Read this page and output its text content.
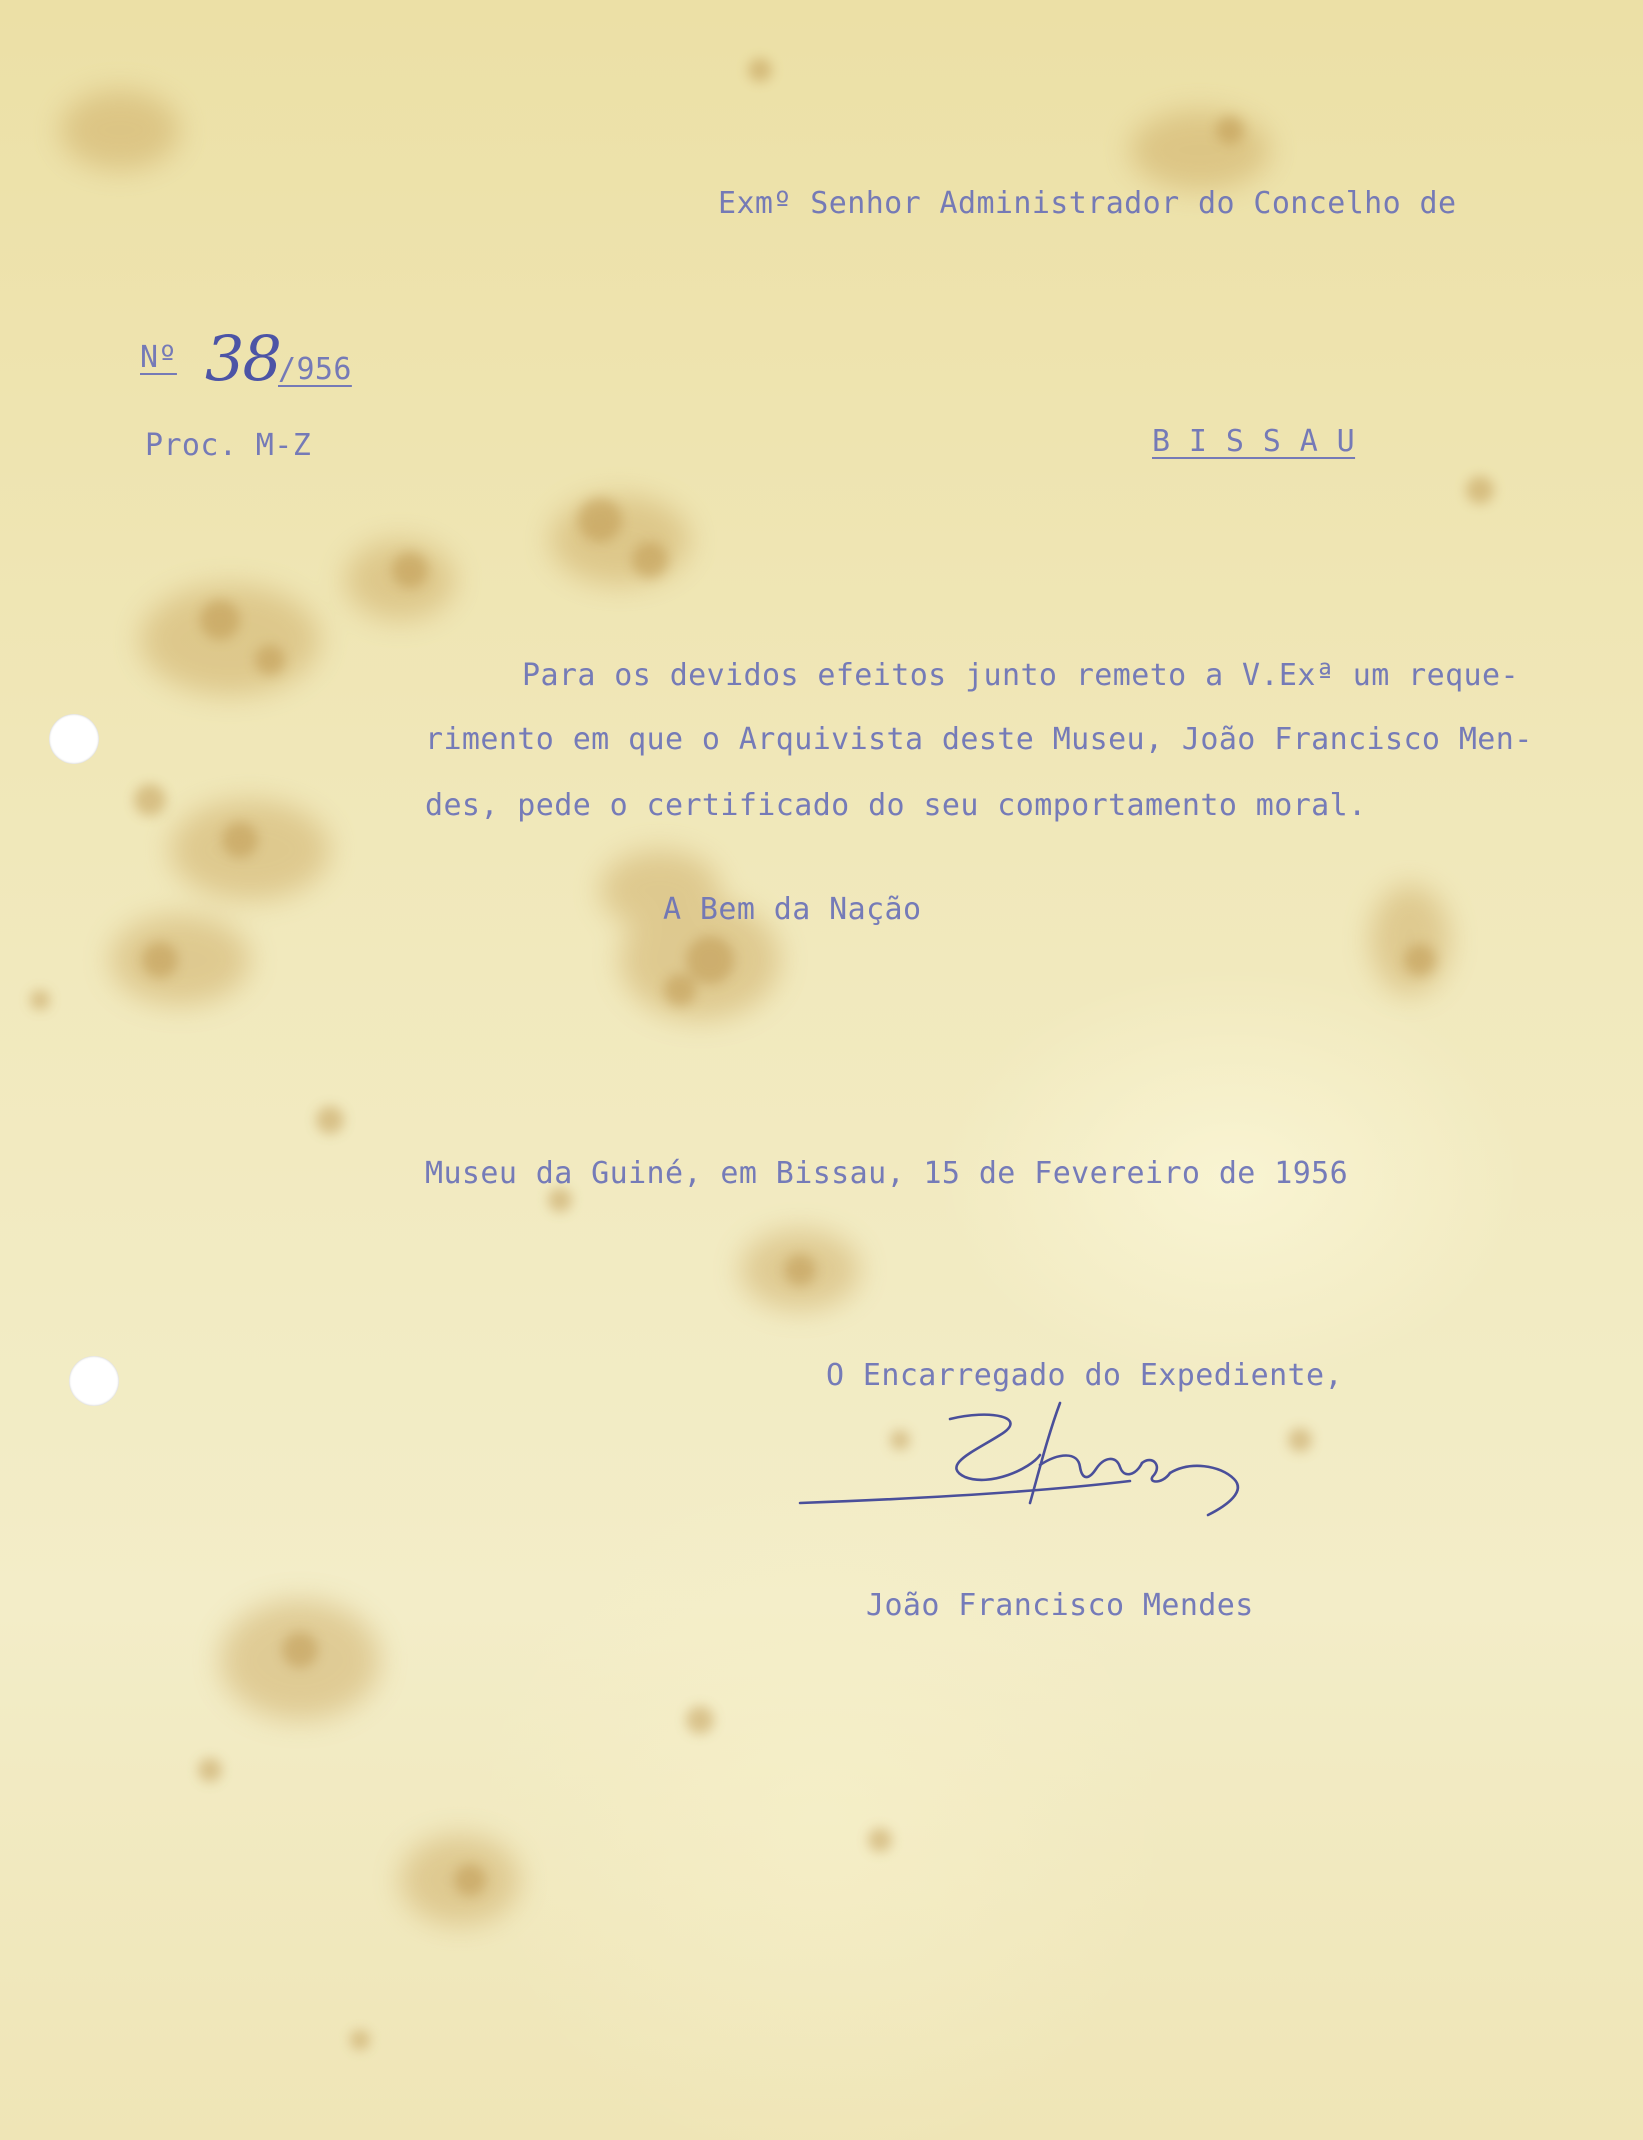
Exmº Senhor Administrador do Concelho de

Nº 38
/956

Proc. M-Z	B I S S A U

Para os devidos efeitos junto remeto a V.Exª um reque-

rimento em que o Arquivista deste Museu, João Francisco Men-

des, pede o certificado do seu comportamento moral.

A Bem da Nação

Museu da Guiné, em Bissau, 15 de Fevereiro de 1956

O Encarregado do Expediente,

João Francisco Mendes
